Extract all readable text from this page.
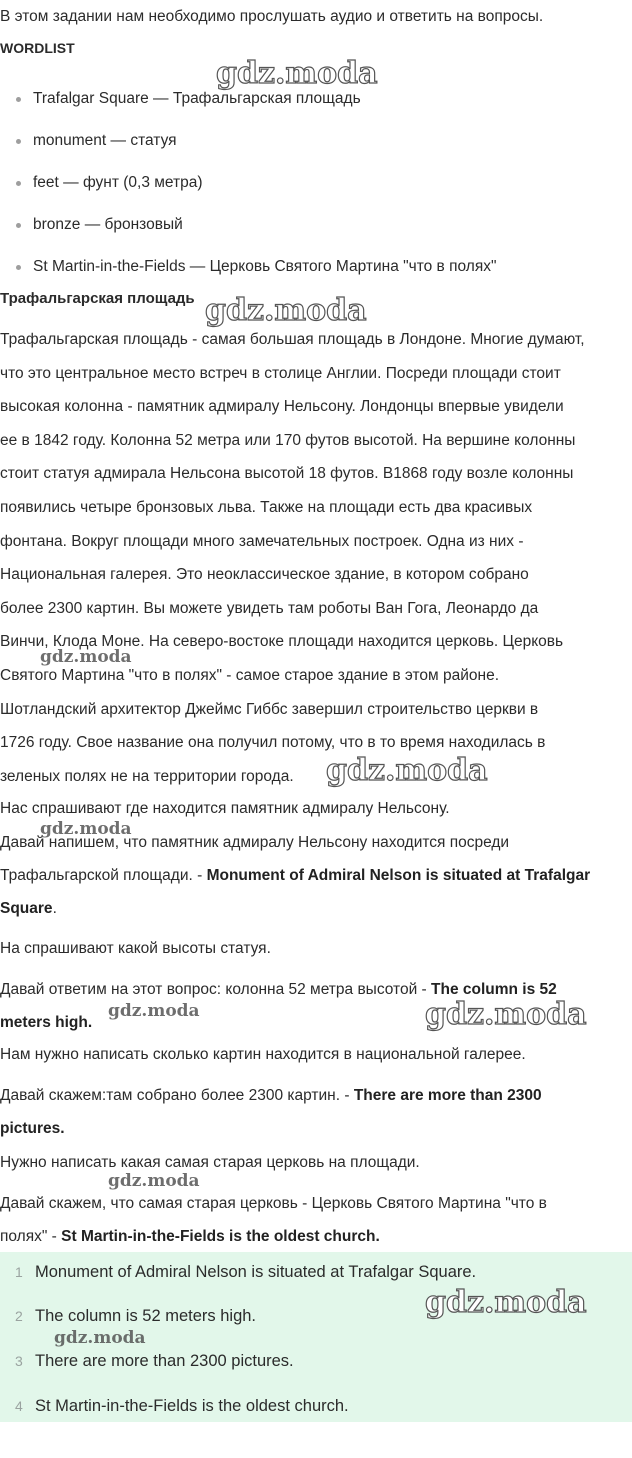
В этом задании нам необходимо прослушать аудио и ответить на вопросы.
WORDLIST
Trafalgar Square — Трафальгарская площадь
monument — статуя
feet — фунт (0,3 метра)
bronze — бронзовый
St Martin-in-the-Fields — Церковь Святого Мартина "что в полях"
Трафальгарская площадь
Трафальгарская площадь - самая большая площадь в Лондоне. Многие думают,
что это центральное место встреч в столице Англии. Посреди площади стоит
высокая колонна - памятник адмиралу Нельсону. Лондонцы впервые увидели
ее в 1842 году. Колонна 52 метра или 170 футов высотой. На вершине колонны
стоит статуя адмирала Нельсона высотой 18 футов. В1868 году возле колонны
появились четыре бронзовых льва. Также на площади есть два красивых
фонтана. Вокруг площади много замечательных построек. Одна из них -
Национальная галерея. Это неоклассическое здание, в котором собрано
более 2300 картин. Вы можете увидеть там роботы Ван Гога, Леонардо да
Винчи, Клода Моне. На северо-востоке площади находится церковь. Церковь
Святого Мартина "что в полях" - самое старое здание в этом районе.
Шотландский архитектор Джеймс Гиббс завершил строительство церкви в
1726 году. Свое название она получил потому, что в то время находилась в
зеленых полях не на территории города.
Нас спрашивают где находится памятник адмиралу Нельсону.
Давай напишем, что памятник адмиралу Нельсону находится посреди
Трафальгарской площади. - Monument of Admiral Nelson is situated at Trafalgar
Square.
На спрашивают какой высоты статуя.
Давай ответим на этот вопрос: колонна 52 метра высотой - The column is 52
meters high.
Нам нужно написать сколько картин находится в национальной галерее.
Давай скажем:там собрано более 2300 картин. - There are more than 2300
pictures.
Нужно написать какая самая старая церковь на площади.
Давай скажем, что самая старая церковь - Церковь Святого Мартина "что в
полях" - St Martin-in-the-Fields is the oldest church.
1 Monument of Admiral Nelson is situated at Trafalgar Square.
2 The column is 52 meters high.
3 There are more than 2300 pictures.
4 St Martin-in-the-Fields is the oldest church.
gdz.moda
gdz.moda
gdz.moda
gdz.moda
gdz.moda
gdz.moda	gdz.moda
gdz.moda
gdz.moda
gdz.moda
